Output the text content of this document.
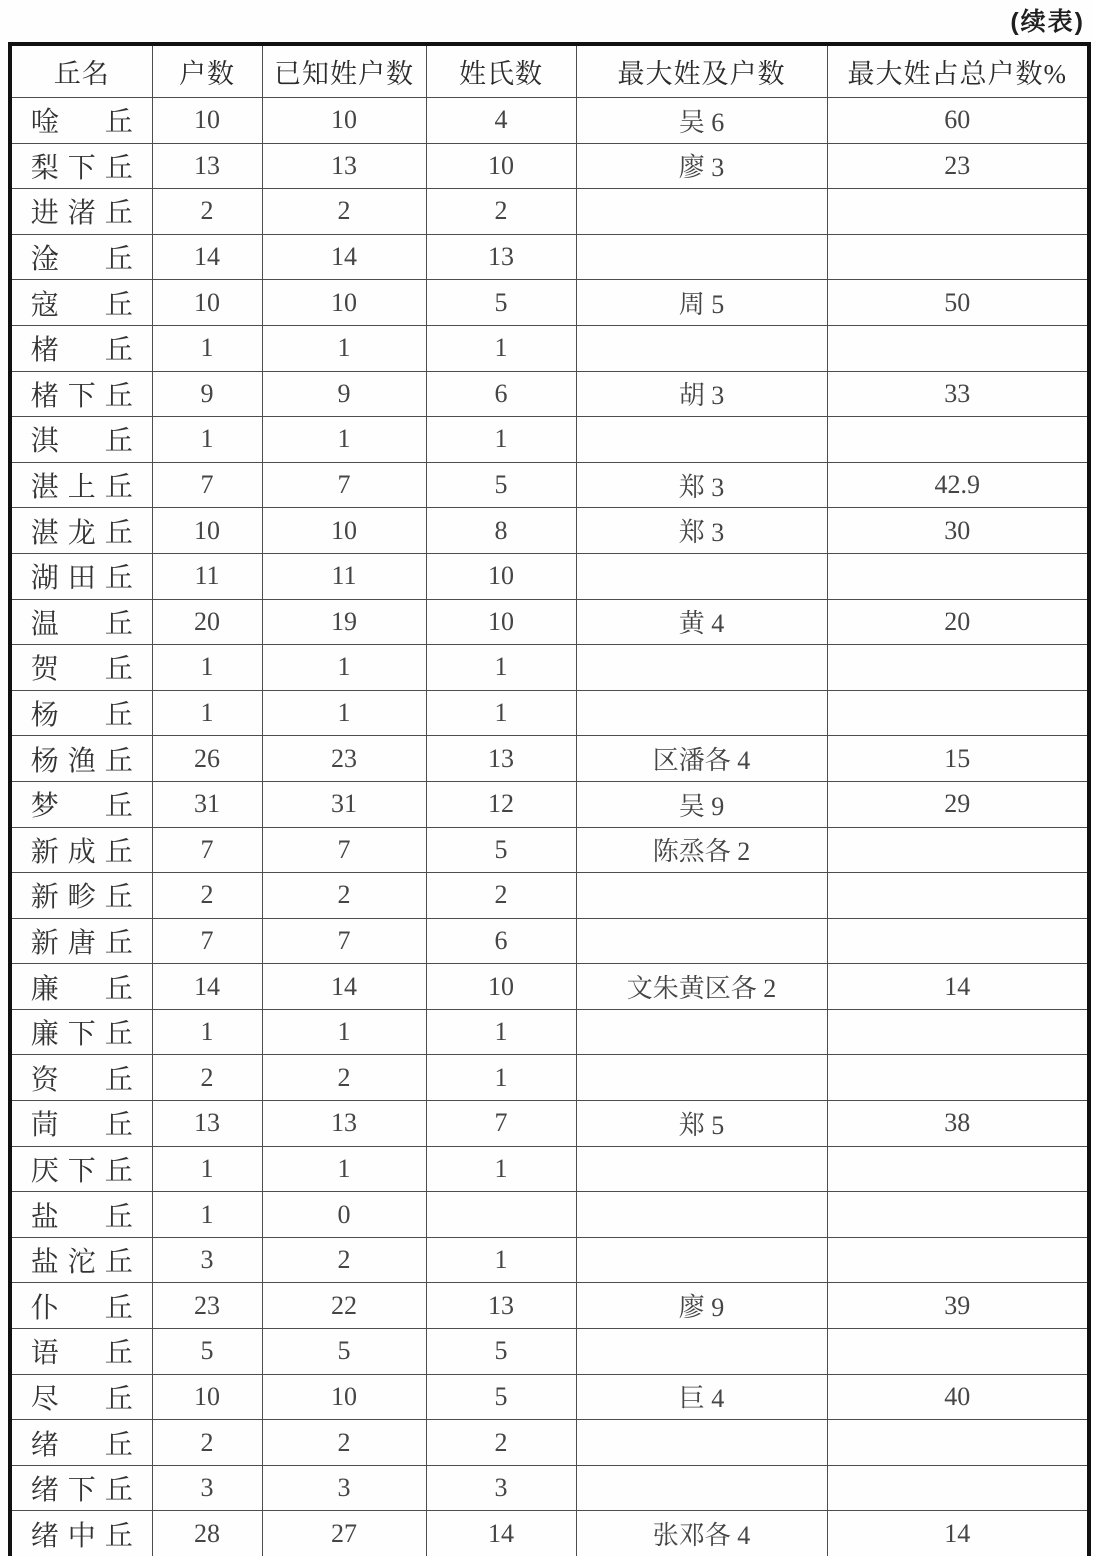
(续表)
丘名	户数	已知姓户数	姓氏数	最大姓及户数	最大姓占总户数%
唫丘	10	10	4	吴 6	60
梨下丘	13	13	10	廖 3	23
进渚丘	2	2	2		
淦丘	14	14	13		
寇丘	10	10	5	周 5	50
楮丘	1	1	1		
楮下丘	9	9	6	胡 3	33
淇丘	1	1	1		
湛上丘	7	7	5	郑 3	42.9
湛龙丘	10	10	8	郑 3	30
湖田丘	11	11	10		
温丘	20	19	10	黄 4	20
贺丘	1	1	1		
杨丘	1	1	1		
杨渔丘	26	23	13	区潘各 4	15
梦丘	31	31	12	吴 9	29
新成丘	7	7	5	陈烝各 2	
新畛丘	2	2	2		
新唐丘	7	7	6		
廉丘	14	14	10	文朱黄区各 2	14
廉下丘	1	1	1		
资丘	2	2	1		
茼丘	13	13	7	郑 5	38
厌下丘	1	1	1		
盐丘	1	0			
盐沱丘	3	2	1		
仆丘	23	22	13	廖 9	39
语丘	5	5	5		
尽丘	10	10	5	巨 4	40
绪丘	2	2	2		
绪下丘	3	3	3		
绪中丘	28	27	14	张邓各 4	14
